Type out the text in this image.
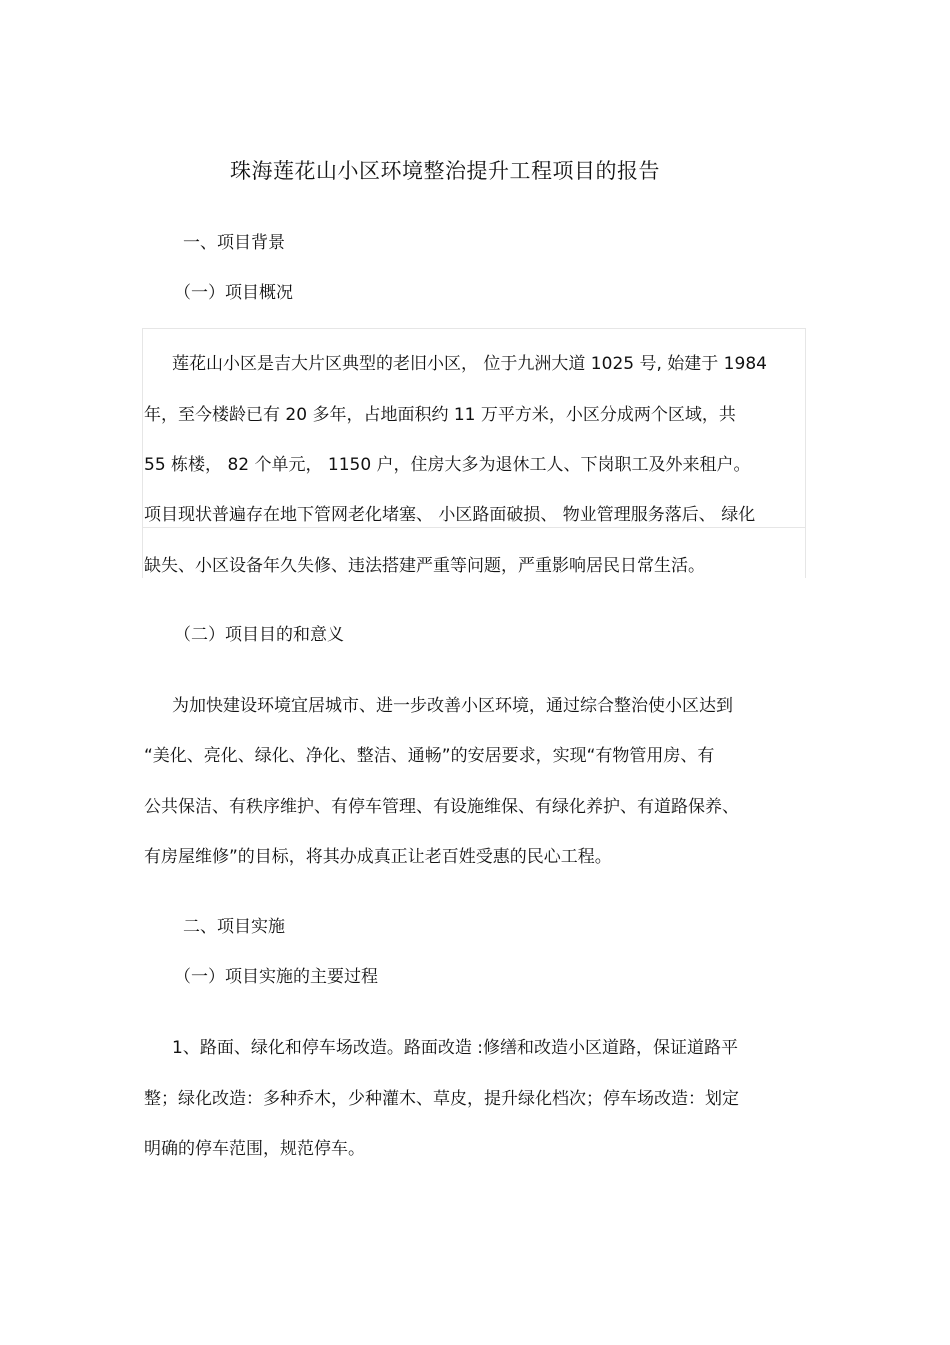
珠海莲花山小区环境整治提升工程项目的报告
一、项目背景
（一）项目概况
莲花山小区是吉大片区典型的老旧小区， 位于九洲大道 1025 号, 始建于 1984
年，至今楼龄已有 20 多年，占地面积约 11 万平方米，小区分成两个区域，共
55 栋楼， 82 个单元， 1150 户，住房大多为退休工人、下岗职工及外来租户。
项目现状普遍存在地下管网老化堵塞、 小区路面破损、 物业管理服务落后、 绿化
缺失、小区设备年久失修、违法搭建严重等问题，严重影响居民日常生活。
（二）项目目的和意义
为加快建设环境宜居城市、进一步改善小区环境，通过综合整治使小区达到
“美化、亮化、绿化、净化、整洁、通畅”的安居要求，实现“有物管用房、有
公共保洁、有秩序维护、有停车管理、有设施维保、有绿化养护、有道路保养、
有房屋维修”的目标，将其办成真正让老百姓受惠的民心工程。
二、项目实施
（一）项目实施的主要过程
1、路面、绿化和停车场改造。路面改造 :修缮和改造小区道路，保证道路平
整；绿化改造：多种乔木，少种灌木、草皮，提升绿化档次；停车场改造：划定
明确的停车范围，规范停车。
